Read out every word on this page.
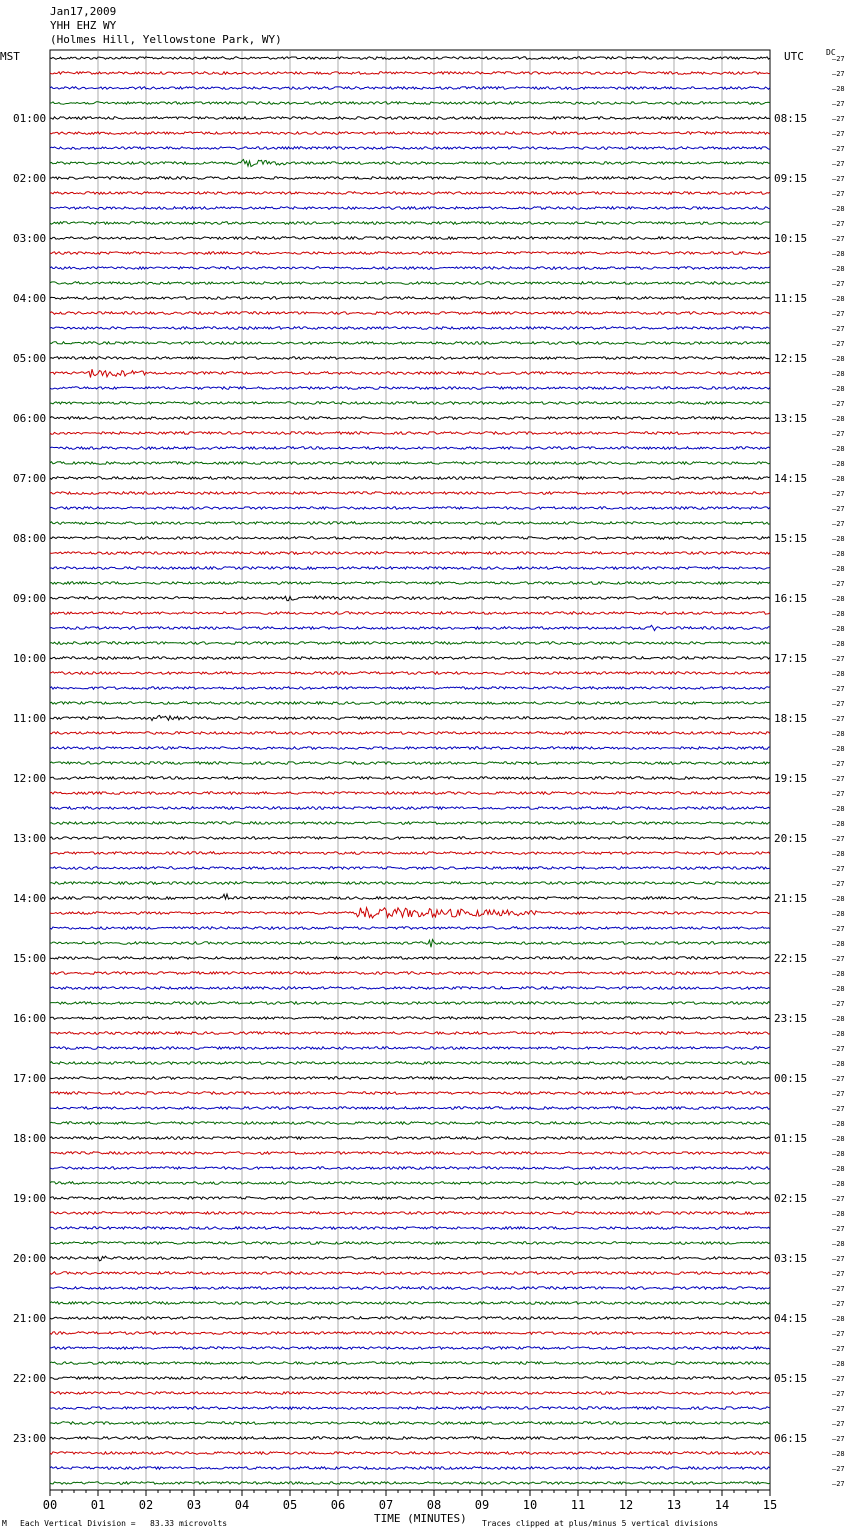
Jan17,2009
YHH EHZ WY
(Holmes Hill, Yellowstone Park, WY)
MST	UTC	DC
00	01	02	03	04	05	06	07	08	09	10	11	12	13	14	15
—27
—27
—28
—27
—27
—27
—27
—27
—27
—27
—28
—27
—27
—28
—28
—27
—28
—27
—27
—27
—28
—28
—28
—27
—28
—27
—28
—28
—28
—27
—27
—27
—28
—28
—28
—27
—28
—28
—28
—28
—27
—28
—27
—27
—27
—28
—28
—27
—27
—27
—28
—28
—27
—28
—27
—27
—28
—28
—27
—28
—27
—28
—28
—27
—28
—28
—27
—28
—27
—27
—27
—28
—28
—28
—28
—28
—27
—28
—27
—28
—27
—27
—27
—27
—28
—27
—27
—28
—27
—27
—27
—27
—27
—28
—27
—27
01:00
02:00
03:00
04:00
05:00
06:00
07:00
08:00
09:00
10:00
11:00
12:00
13:00
14:00
15:00
16:00
17:00
18:00
19:00
20:00
21:00
22:00
23:00
08:15
09:15
10:15
11:15
12:15
13:15
14:15
15:15
16:15
17:15
18:15
19:15
20:15
21:15
22:15
23:15
00:15
01:15
02:15
03:15
04:15
05:15
06:15
M Each Vertical Division =   83.33 microvolts	TIME (MINUTES) Traces clipped at plus/minus 5 vertical divisions
